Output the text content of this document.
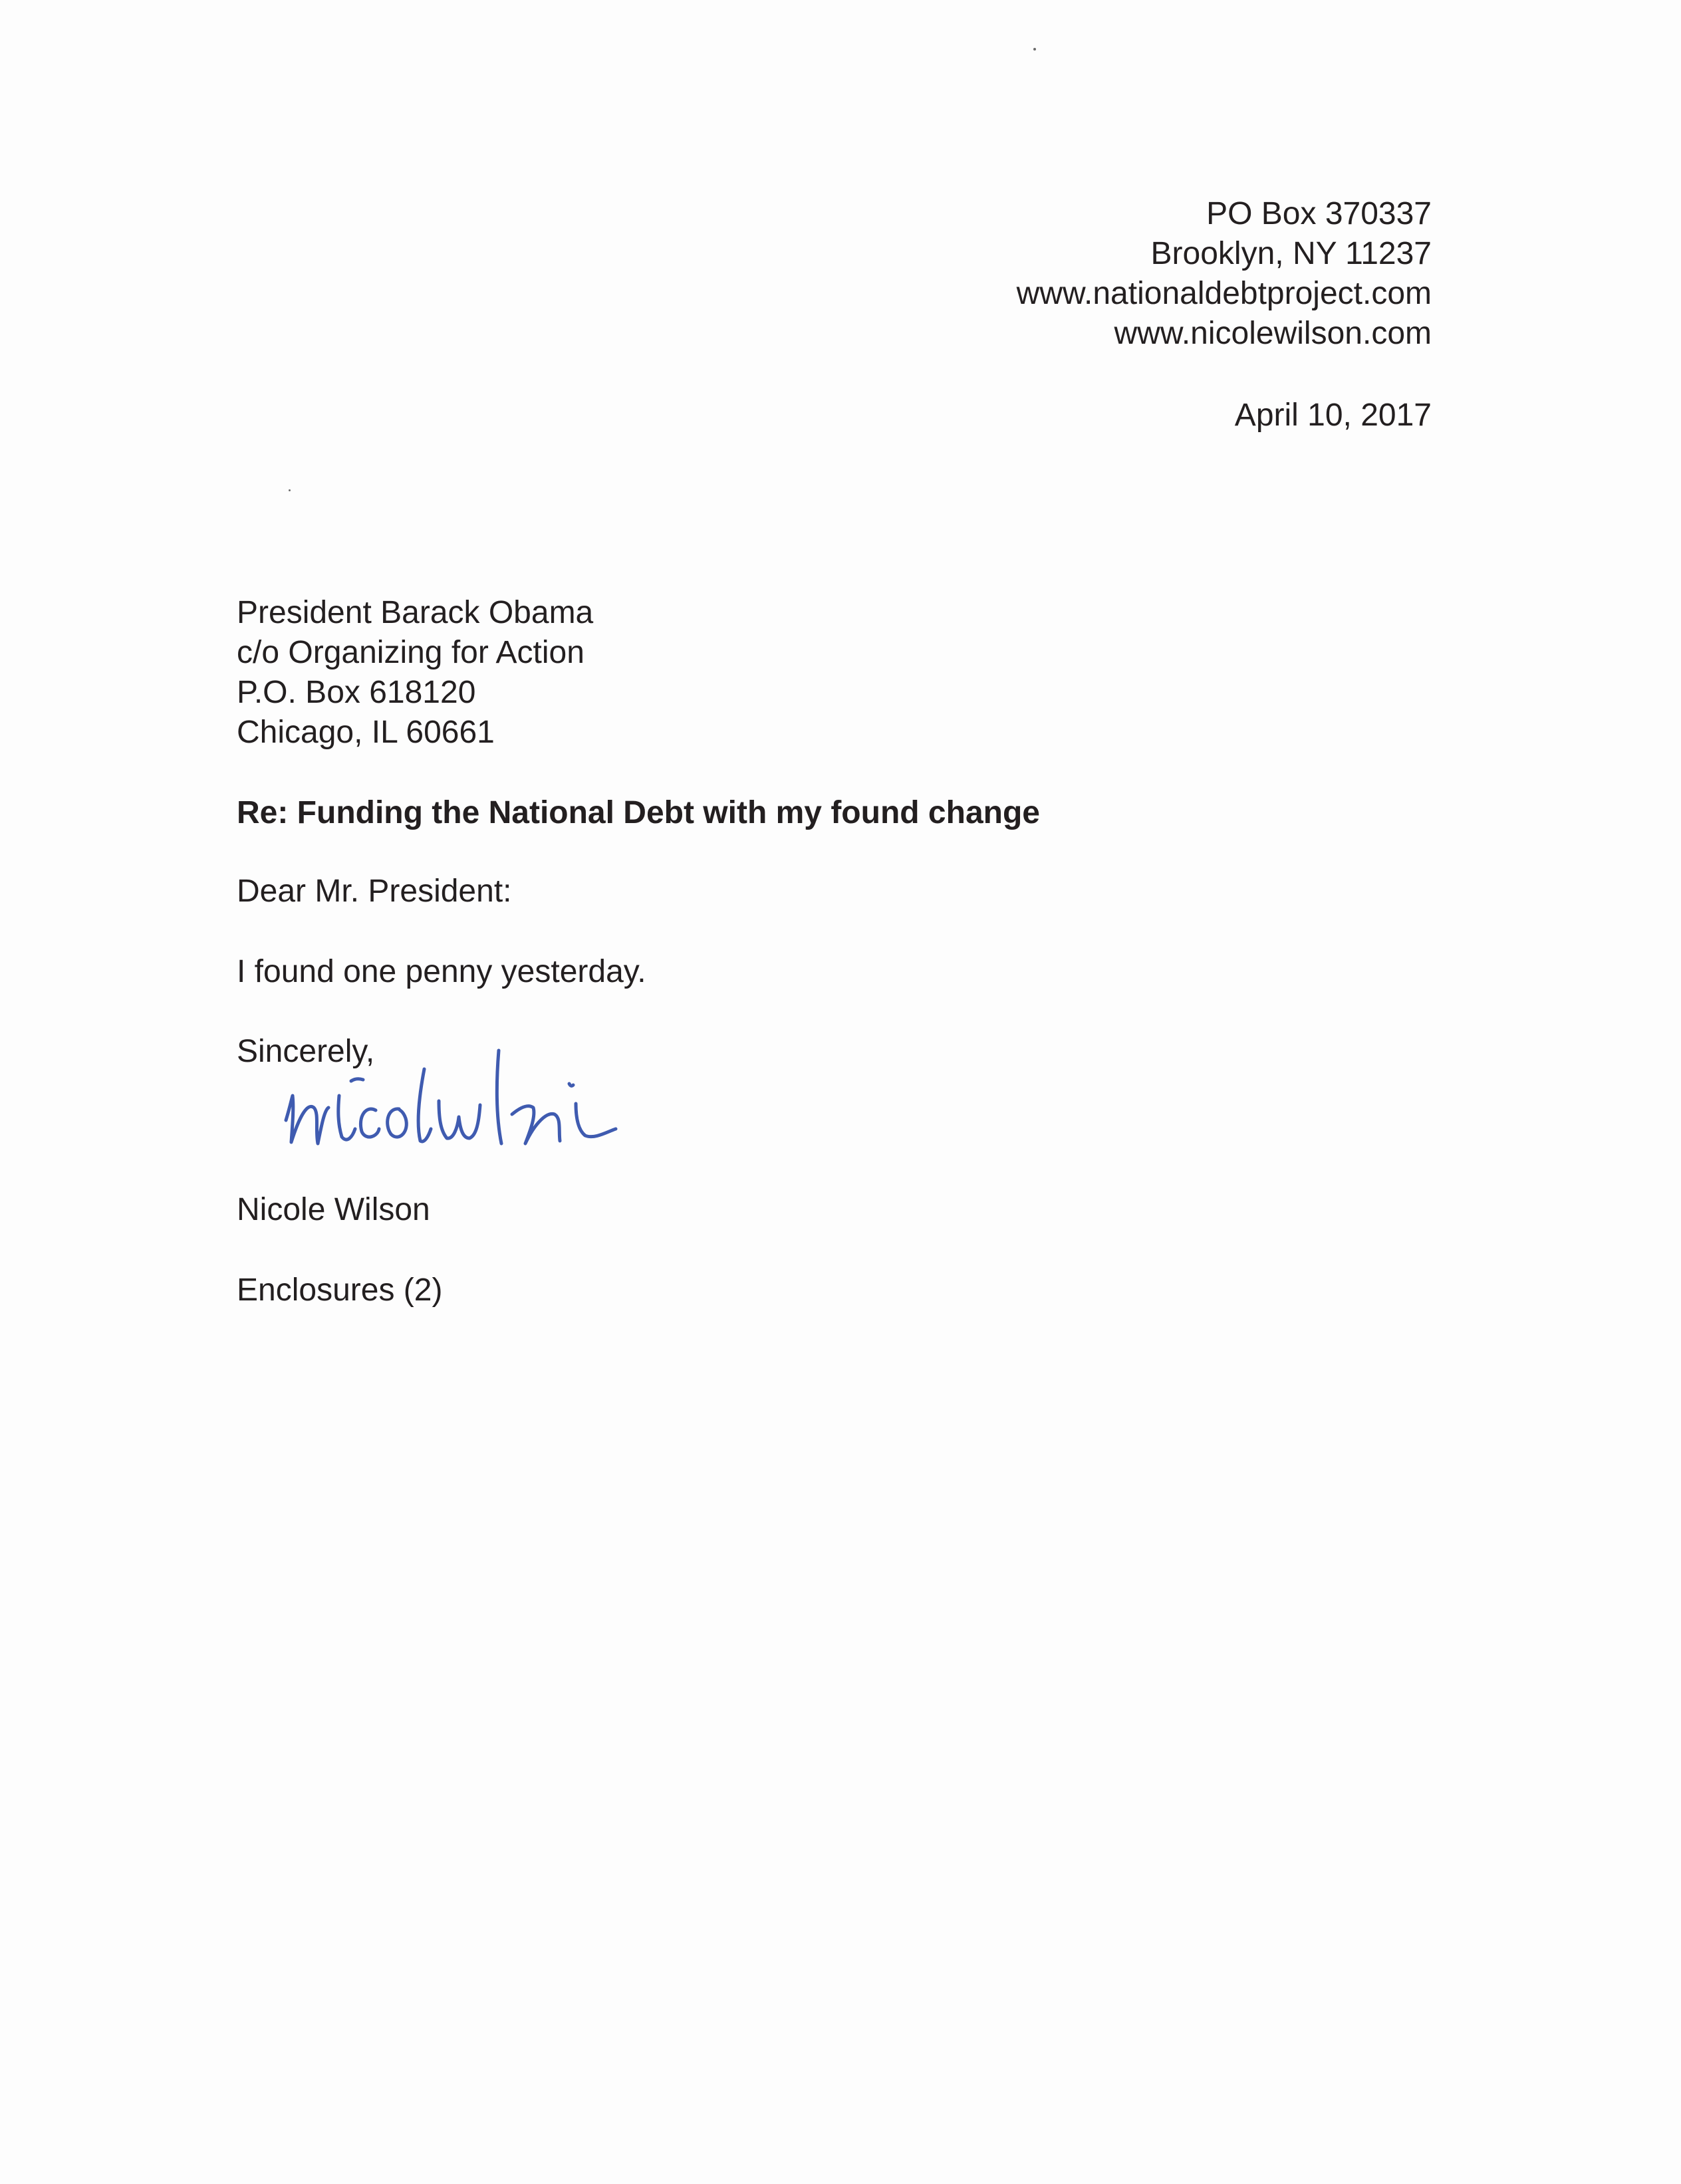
PO Box 370337
Brooklyn, NY 11237
www.nationaldebtproject.com
www.nicolewilson.com
April 10, 2017
President Barack Obama
c/o Organizing for Action
P.O. Box 618120
Chicago, IL 60661
Re: Funding the National Debt with my found change
Dear Mr. President:
I found one penny yesterday.
Sincerely,
Nicole Wilson
Enclosures (2)
